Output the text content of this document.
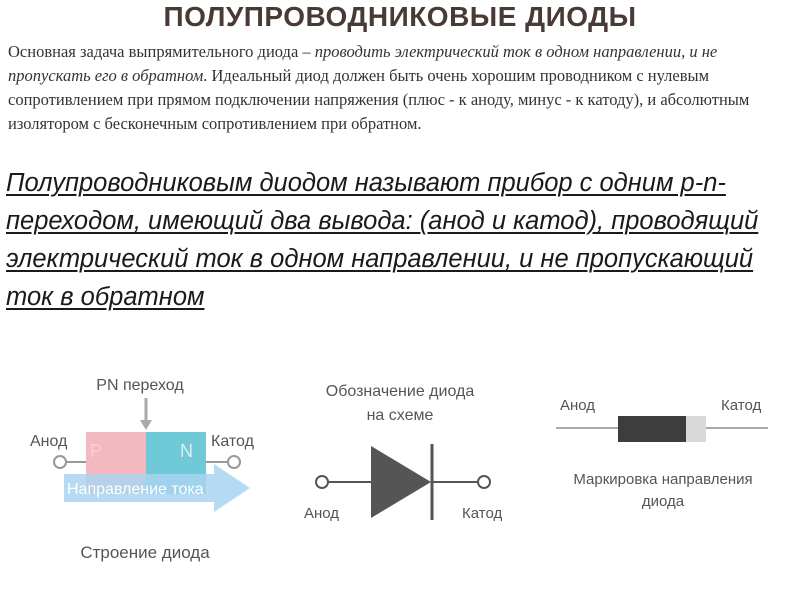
ПОЛУПРОВОДНИКОВЫЕ ДИОДЫ
Основная задача выпрямительного диода – проводить электрический ток в одном направлении, и не пропускать его в обратном. Идеальный диод должен быть очень хорошим проводником с нулевым сопротивлением при прямом подключении напряжения (плюс - к аноду, минус - к катоду), и абсолютным изолятором с бесконечным сопротивлением при обратном.
Полупроводниковым диодом называют прибор с одним p-n-переходом, имеющий два вывода: (анод и катод), проводящий электрический ток в одном направлении, и не пропускающий ток в обратном
PN переход
Анод	Катод
P	N
Направление тока
Строение диода
Обозначение диода
на схеме
Анод	Катод
Анод	Катод
Маркировка направления
диода
